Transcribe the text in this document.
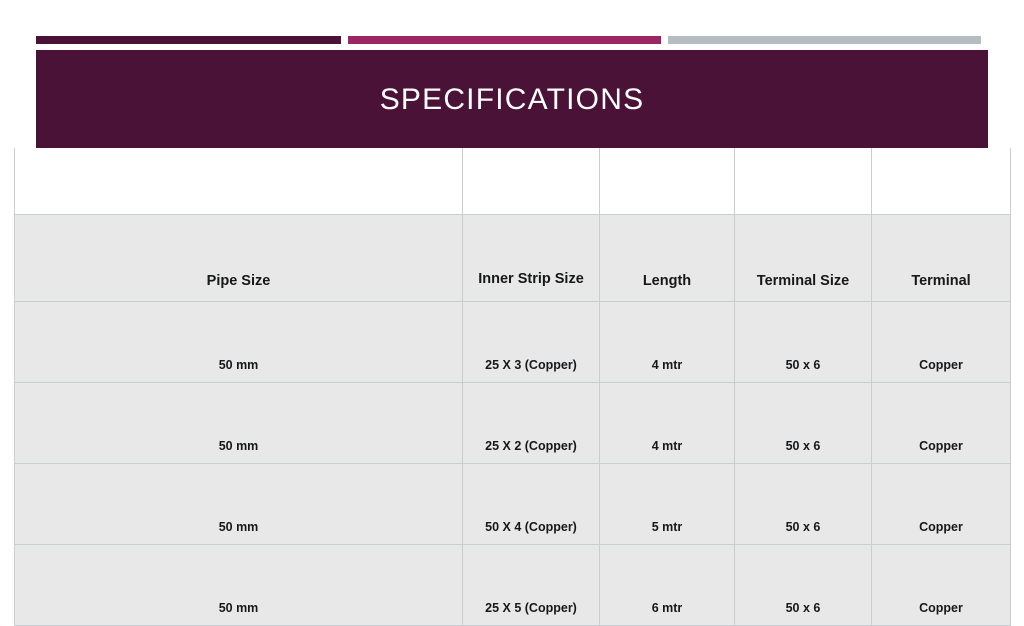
SPECIFICATIONS

Pipe Size	Inner Strip Size	Length	Terminal Size	Terminal
50 mm	25 X 3 (Copper)	4 mtr	50 x 6	Copper
50 mm	25 X 2 (Copper)	4 mtr	50 x 6	Copper
50 mm	50 X 4 (Copper)	5 mtr	50 x 6	Copper
50 mm	25 X 5 (Copper)	6 mtr	50 x 6	Copper
